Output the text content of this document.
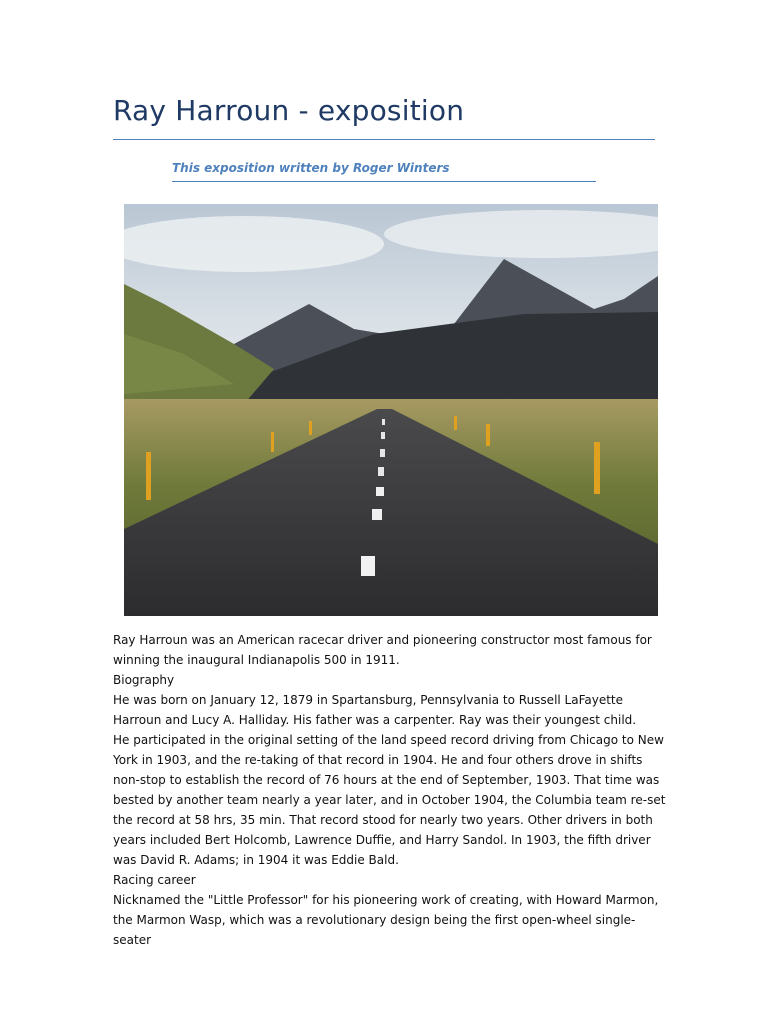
Ray Harroun - exposition
This exposition written by Roger Winters

Ray Harroun was an American racecar driver and pioneering constructor most famous for winning the inaugural Indianapolis 500 in 1911.

Biography

He was born on January 12, 1879 in Spartansburg, Pennsylvania to Russell LaFayette Harroun and Lucy A. Halliday. His father was a carpenter. Ray was their youngest child.

He participated in the original setting of the land speed record driving from Chicago to New York in 1903, and the re-taking of that record in 1904. He and four others drove in shifts non-stop to establish the record of 76 hours at the end of September, 1903. That time was bested by another team nearly a year later, and in October 1904, the Columbia team re-set the record at 58 hrs, 35 min. That record stood for nearly two years. Other drivers in both years included Bert Holcomb, Lawrence Duffie, and Harry Sandol. In 1903, the fifth driver was David R. Adams; in 1904 it was Eddie Bald.

Racing career

Nicknamed the "Little Professor" for his pioneering work of creating, with Howard Marmon, the Marmon Wasp, which was a revolutionary design being the first open-wheel single-seater
